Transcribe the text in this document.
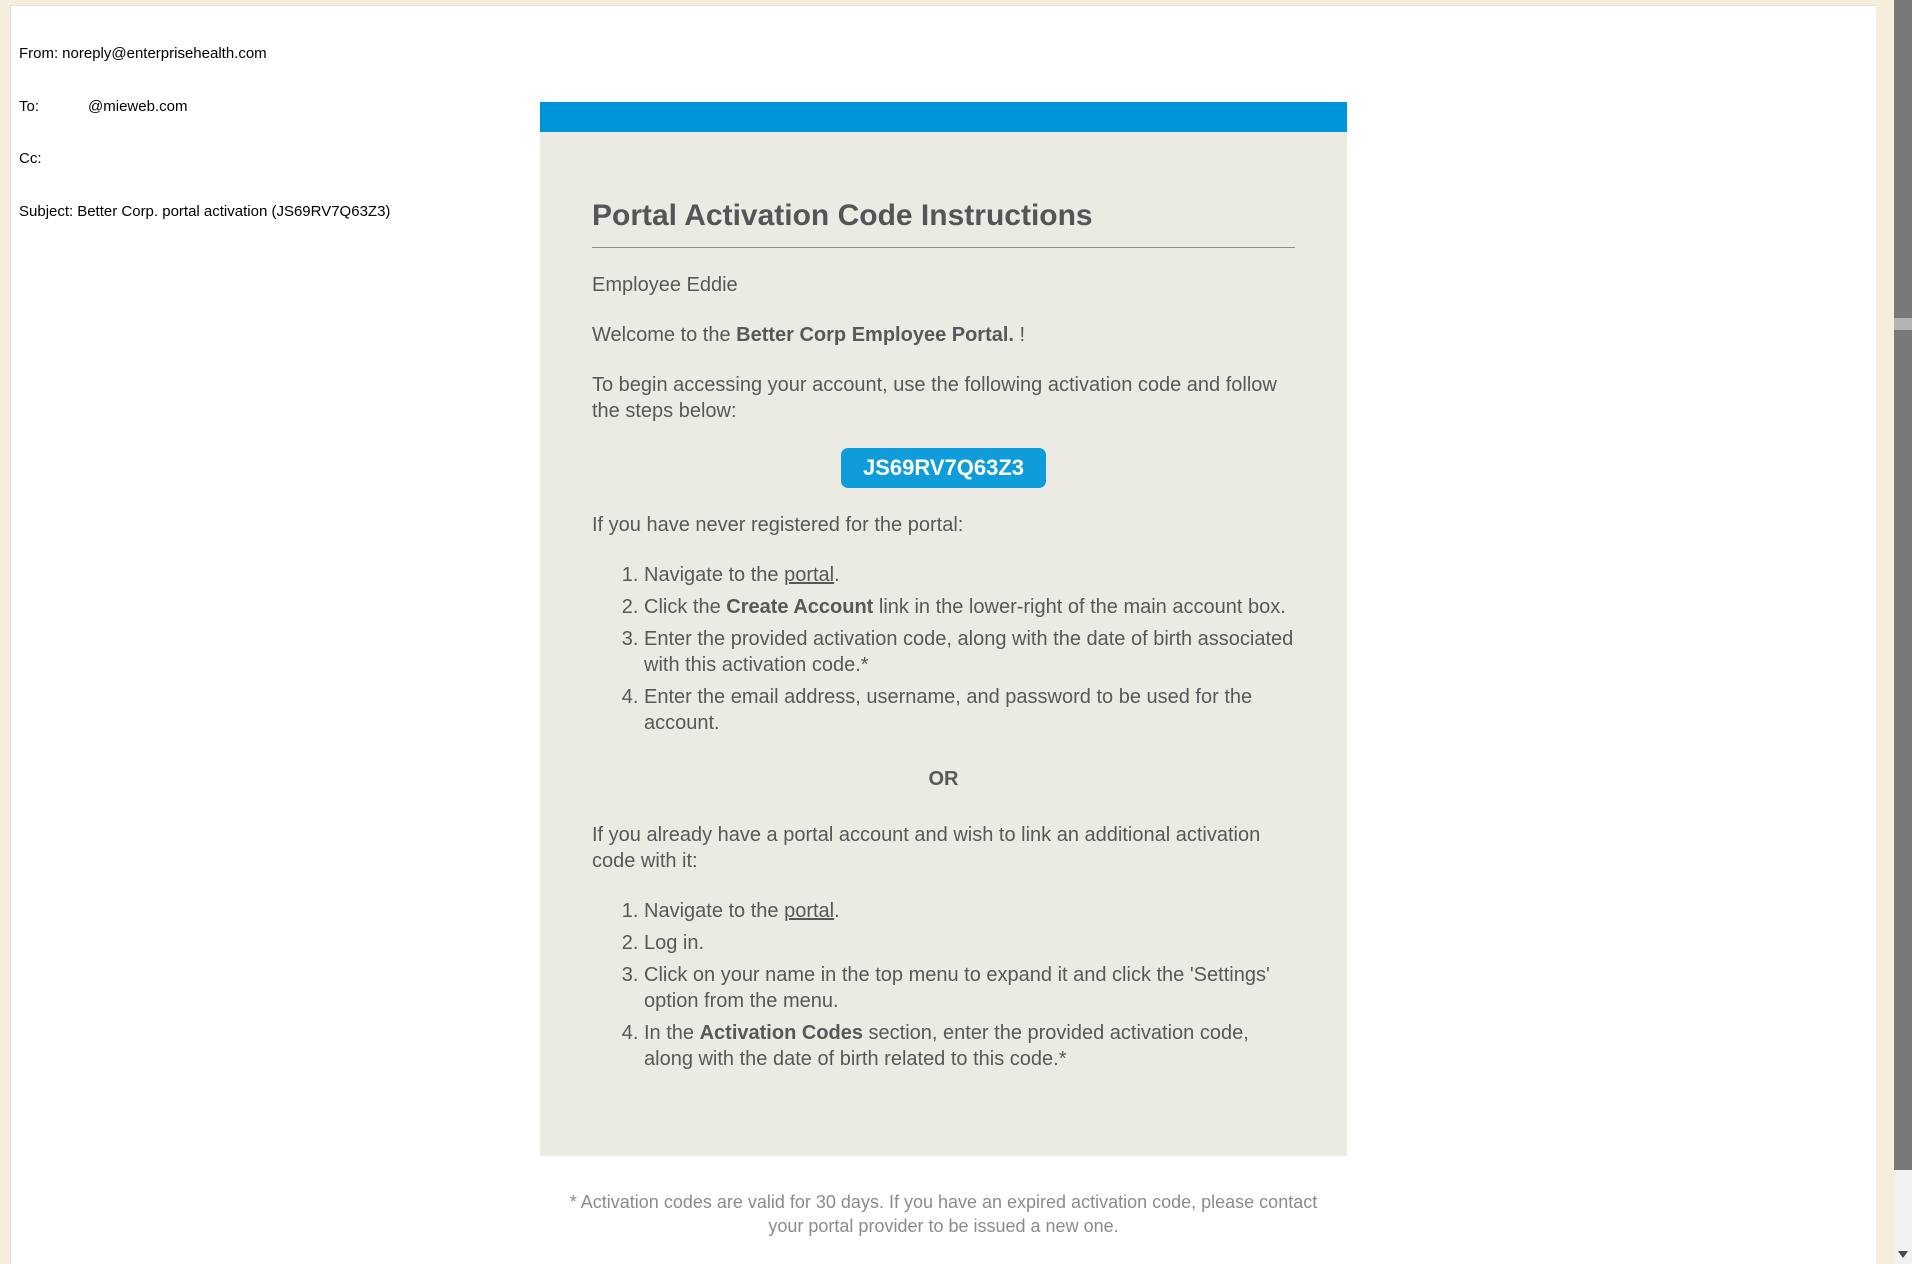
From: noreply@enterprisehealth.com

To:	@mieweb.com

Cc:

Subject: Better Corp. portal activation (JS69RV7Q63Z3)

	Portal Activation Code Instructions

Employee Eddie

Welcome to the Better Corp Employee Portal. !

To begin accessing your account, use the following activation code and follow the steps below:

JS69RV7Q63Z3

If you have never registered for the portal:

1. Navigate to the portal.
2. Click the Create Account link in the lower-right of the main account box.
3. Enter the provided activation code, along with the date of birth associated with this activation code.*
4. Enter the email address, username, and password to be used for the account.
OR

If you already have a portal account and wish to link an additional activation code with it:

1. Navigate to the portal.
2. Log in.
3. Click on your name in the top menu to expand it and click the 'Settings' option from the menu.
4. In the Activation Codes section, enter the provided activation code, along with the date of birth related to this code.*
* Activation codes are valid for 30 days. If you have an expired activation code, please contact your portal provider to be issued a new one.
